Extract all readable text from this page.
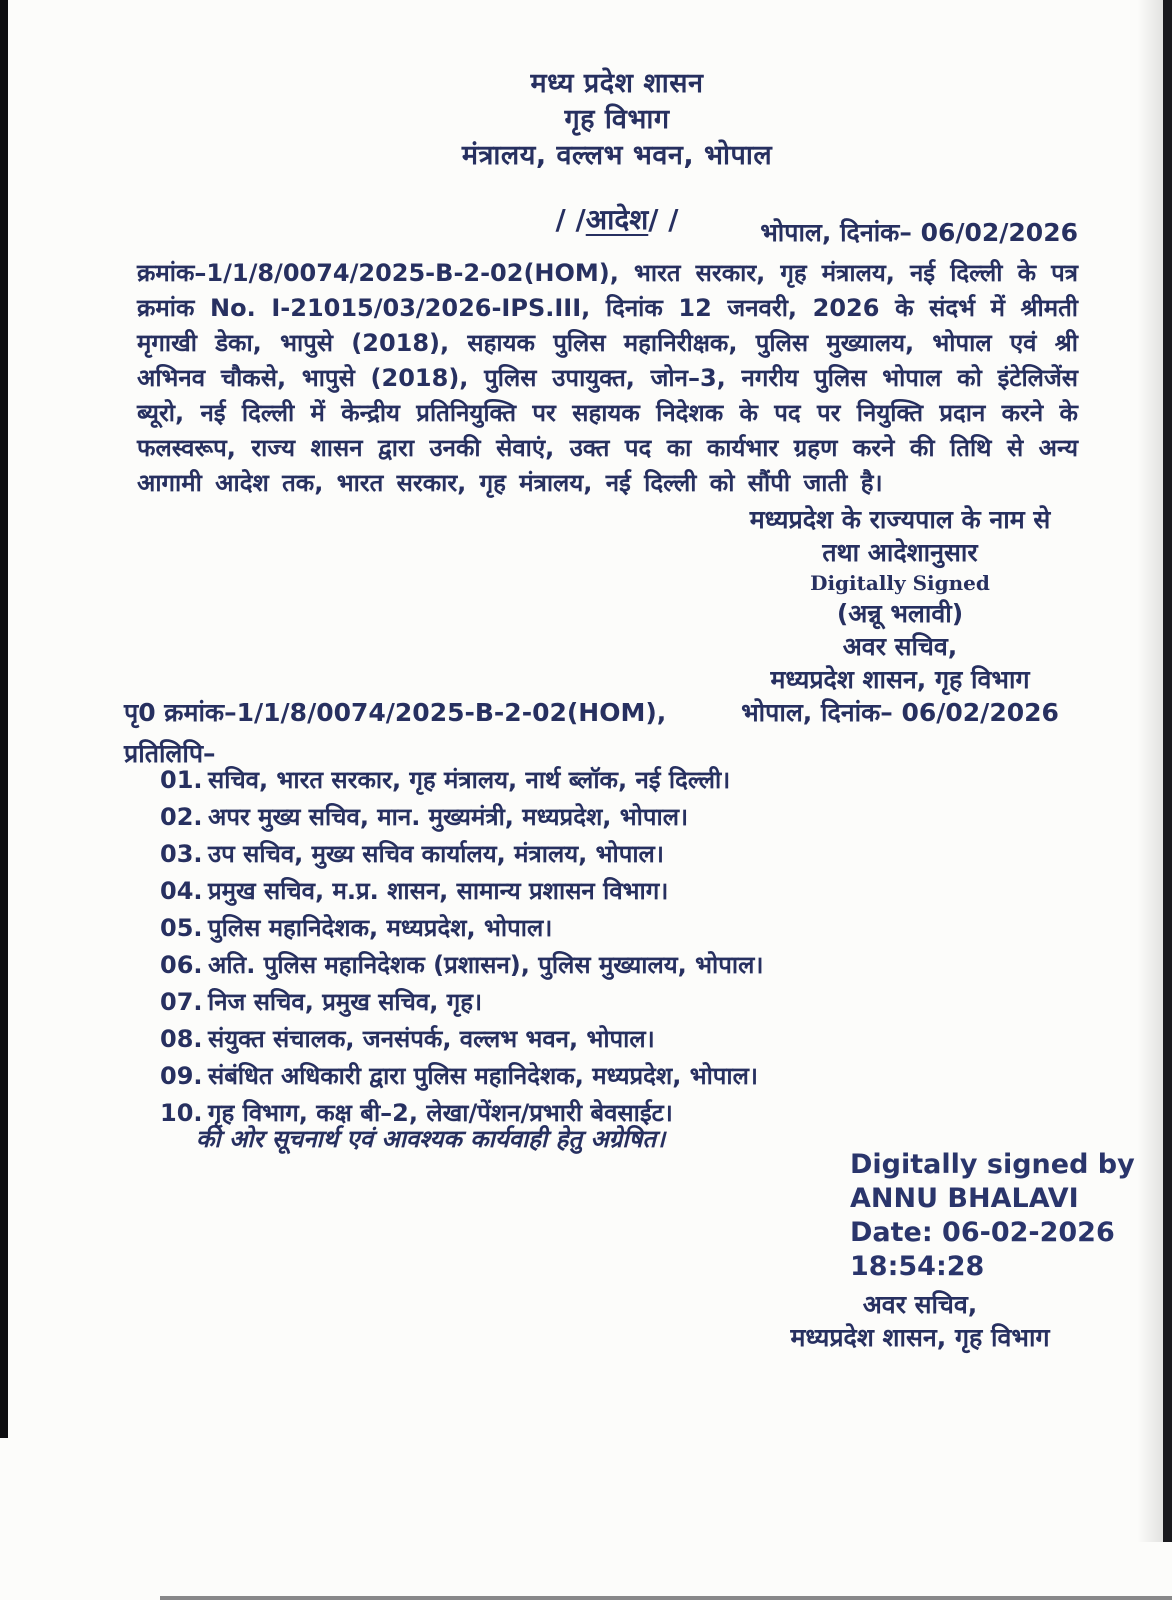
मध्य प्रदेश शासन
गृह विभाग
मंत्रालय, वल्लभ भवन, भोपाल
/ /आदेश/ /	भोपाल, दिनांक– 06/02/2026
क्रमांक–1/1/8/0074/2025-B-2-02(HOM), भारत सरकार, गृह मंत्रालय, नई दिल्ली के पत्र क्रमांक No. I-21015/03/2026-IPS.III, दिनांक 12 जनवरी, 2026 के संदर्भ में श्रीमती मृगाखी डेका, भापुसे (2018), सहायक पुलिस महानिरीक्षक, पुलिस मुख्यालय, भोपाल एवं श्री अभिनव चौकसे, भापुसे (2018), पुलिस उपायुक्त, जोन–3, नगरीय पुलिस भोपाल को इंटेलिजेंस ब्यूरो, नई दिल्ली में केन्द्रीय प्रतिनियुक्ति पर सहायक निदेशक के पद पर नियुक्ति प्रदान करने के फलस्वरूप, राज्य शासन द्वारा उनकी सेवाएं, उक्त पद का कार्यभार ग्रहण करने की तिथि से अन्य आगामी आदेश तक, भारत सरकार, गृह मंत्रालय, नई दिल्ली को सौंपी जाती है।
मध्यप्रदेश के राज्यपाल के नाम से
तथा आदेशानुसार
Digitally Signed
(अन्नू भलावी)
अवर सचिव,
मध्यप्रदेश शासन, गृह विभाग
भोपाल, दिनांक– 06/02/2026
पृ0 क्रमांक–1/1/8/0074/2025-B-2-02(HOM),
प्रतिलिपि–
01. सचिव, भारत सरकार, गृह मंत्रालय, नार्थ ब्लॉक, नई दिल्ली।
02. अपर मुख्य सचिव, मान. मुख्यमंत्री, मध्यप्रदेश, भोपाल।
03. उप सचिव, मुख्य सचिव कार्यालय, मंत्रालय, भोपाल।
04. प्रमुख सचिव, म.प्र. शासन, सामान्य प्रशासन विभाग।
05. पुलिस महानिदेशक, मध्यप्रदेश, भोपाल।
06. अति. पुलिस महानिदेशक (प्रशासन), पुलिस मुख्यालय, भोपाल।
07. निज सचिव, प्रमुख सचिव, गृह।
08. संयुक्त संचालक, जनसंपर्क, वल्लभ भवन, भोपाल।
09. संबंधित अधिकारी द्वारा पुलिस महानिदेशक, मध्यप्रदेश, भोपाल।
10. गृह विभाग, कक्ष बी–2, लेखा/पेंशन/प्रभारी बेवसाईट।
की ओर सूचनार्थ एवं आवश्यक कार्यवाही हेतु अग्रेषित।
Digitally signed by
ANNU BHALAVI
Date: 06-02-2026
18:54:28
अवर सचिव,
मध्यप्रदेश शासन, गृह विभाग
